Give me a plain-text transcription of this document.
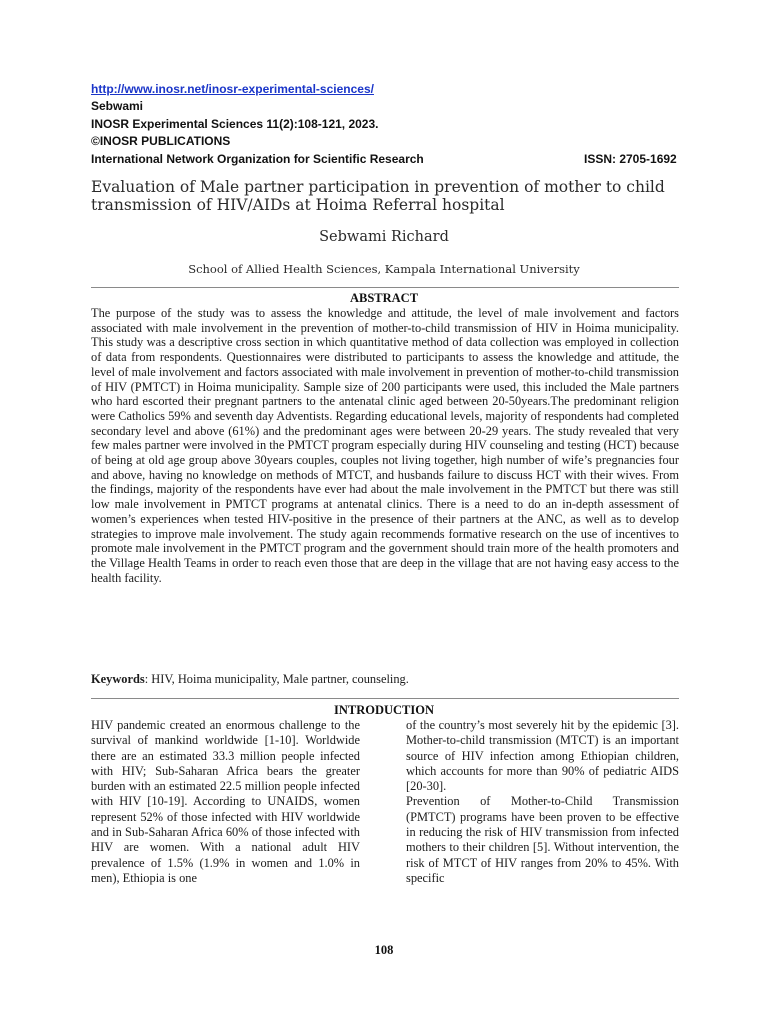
http://www.inosr.net/inosr-experimental-sciences/
Sebwami
INOSR Experimental Sciences 11(2):108-121, 2023.
©INOSR PUBLICATIONS
International Network Organization for Scientific Research	ISSN: 2705-1692
Evaluation of Male partner participation in prevention of mother to child transmission of HIV/AIDs at Hoima Referral hospital
Sebwami Richard
School of Allied Health Sciences, Kampala International University
ABSTRACT

The purpose of the study was to assess the knowledge and attitude, the level of male involvement and factors associated with male involvement in the prevention of mother-to-child transmission of HIV in Hoima municipality. This study was a descriptive cross section in which quantitative method of data collection was employed in collection of data from respondents. Questionnaires were distributed to participants to assess the knowledge and attitude, the level of male involvement and factors associated with male involvement in prevention of mother-to-child transmission of HIV (PMTCT) in Hoima municipality. Sample size of 200 participants were used, this included the Male partners who hard escorted their pregnant partners to the antenatal clinic aged between 20-50years.The predominant religion were Catholics 59% and seventh day Adventists. Regarding educational levels, majority of respondents had completed secondary level and above (61%) and the predominant ages were between 20-29 years. The study revealed that very few males partner were involved in the PMTCT program especially during HIV counseling and testing (HCT) because of being at old age group above 30years couples, couples not living together, high number of wife’s pregnancies four and above, having no knowledge on methods of MTCT, and husbands failure to discuss HCT with their wives. From the findings, majority of the respondents have ever had about the male involvement in the PMTCT but there was still low male involvement in PMTCT programs at antenatal clinics. There is a need to do an in-depth assessment of women’s experiences when tested HIV-positive in the presence of their partners at the ANC, as well as to develop strategies to improve male involvement. The study again recommends formative research on the use of incentives to promote male involvement in the PMTCT program and the government should train more of the health promoters and the Village Health Teams in order to reach even those that are deep in the village that are not having easy access to the health facility.

Keywords: HIV, Hoima municipality, Male partner, counseling.
INTRODUCTION

HIV pandemic created an enormous challenge to the survival of mankind worldwide [1-10]. Worldwide there are an estimated 33.3 million people infected with HIV; Sub-Saharan Africa bears the greater burden with an estimated 22.5 million people infected with HIV [10-19]. According to UNAIDS, women represent 52% of those infected with HIV worldwide and in Sub-Saharan Africa 60% of those infected with HIV are women. With a national adult HIV prevalence of 1.5% (1.9% in women and 1.0% in men), Ethiopia is one

of the country’s most severely hit by the epidemic [3]. Mother-to-child transmission (MTCT) is an important source of HIV infection among Ethiopian children, which accounts for more than 90% of pediatric AIDS [20-30].

Prevention of Mother-to-Child Transmission (PMTCT) programs have been proven to be effective in reducing the risk of HIV transmission from infected mothers to their children [5]. Without intervention, the risk of MTCT of HIV ranges from 20% to 45%. With specific

108
